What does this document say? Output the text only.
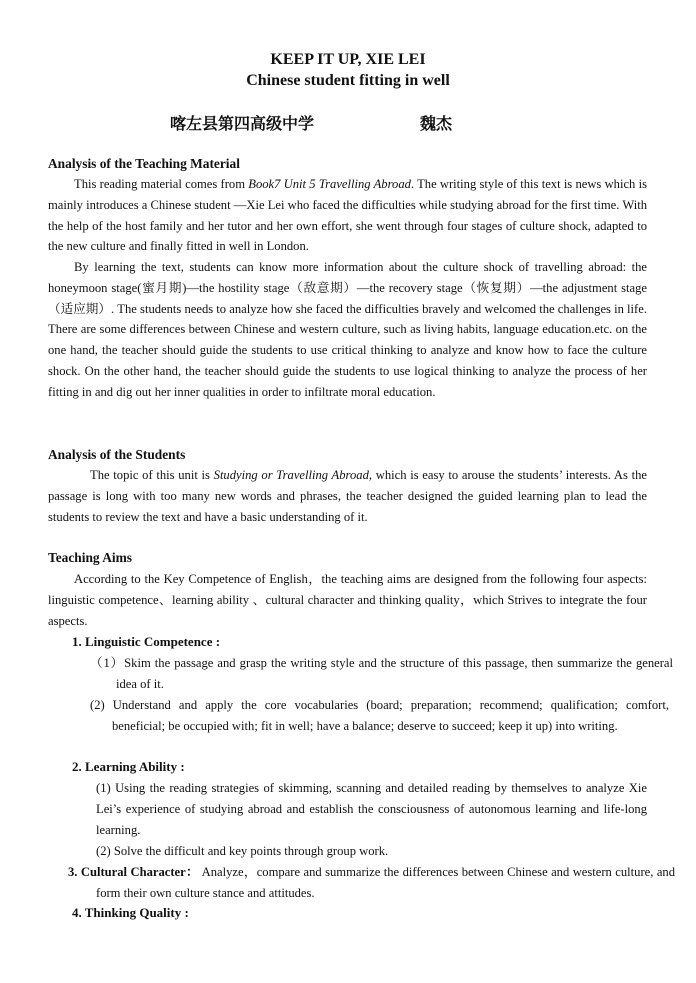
KEEP IT UP, XIE LEI
Chinese student fitting in well
喀左县第四高级中学	魏杰
Analysis of the Teaching Material

This reading material comes from Book7 Unit 5 Travelling Abroad. The writing style of this text is news which is mainly introduces a Chinese student —Xie Lei who faced the difficulties while studying abroad for the first time. With the help of the host family and her tutor and her own effort, she went through four stages of culture shock, adapted to the new culture and finally fitted in well in London.

By learning the text, students can know more information about the culture shock of travelling abroad: the honeymoon stage(蜜月期)—the hostility stage（敌意期）—the recovery stage（恢复期）—the adjustment stage（适应期）. The students needs to analyze how she faced the difficulties bravely and welcomed the challenges in life. There are some differences between Chinese and western culture, such as living habits, language education.etc. on the one hand, the teacher should guide the students to use critical thinking to analyze and know how to face the culture shock. On the other hand, the teacher should guide the students to use logical thinking to analyze the process of her fitting in and dig out her inner qualities in order to infiltrate moral education.

Analysis of the Students

The topic of this unit is Studying or Travelling Abroad, which is easy to arouse the students’ interests. As the passage is long with too many new words and phrases, the teacher designed the guided learning plan to lead the students to review the text and have a basic understanding of it.

Teaching Aims

According to the Key Competence of English，the teaching aims are designed from the following four aspects: linguistic competence、learning ability 、cultural character and thinking quality，which Strives to integrate the four aspects.

1. Linguistic Competence :

（1）Skim the passage and grasp the writing style and the structure of this passage, then summarize the general idea of it.

(2) Understand and apply the core vocabularies (board; preparation; recommend; qualification; comfort, beneficial; be occupied with; fit in well; have a balance; deserve to succeed; keep it up) into writing.

2. Learning Ability :

(1) Using the reading strategies of skimming, scanning and detailed reading by themselves to analyze Xie Lei’s experience of studying abroad and establish the consciousness of autonomous learning and life-long learning.

(2) Solve the difficult and key points through group work.

3. Cultural Character： Analyze，compare and summarize the differences between Chinese and western culture, and form their own culture stance and attitudes.

4. Thinking Quality :
